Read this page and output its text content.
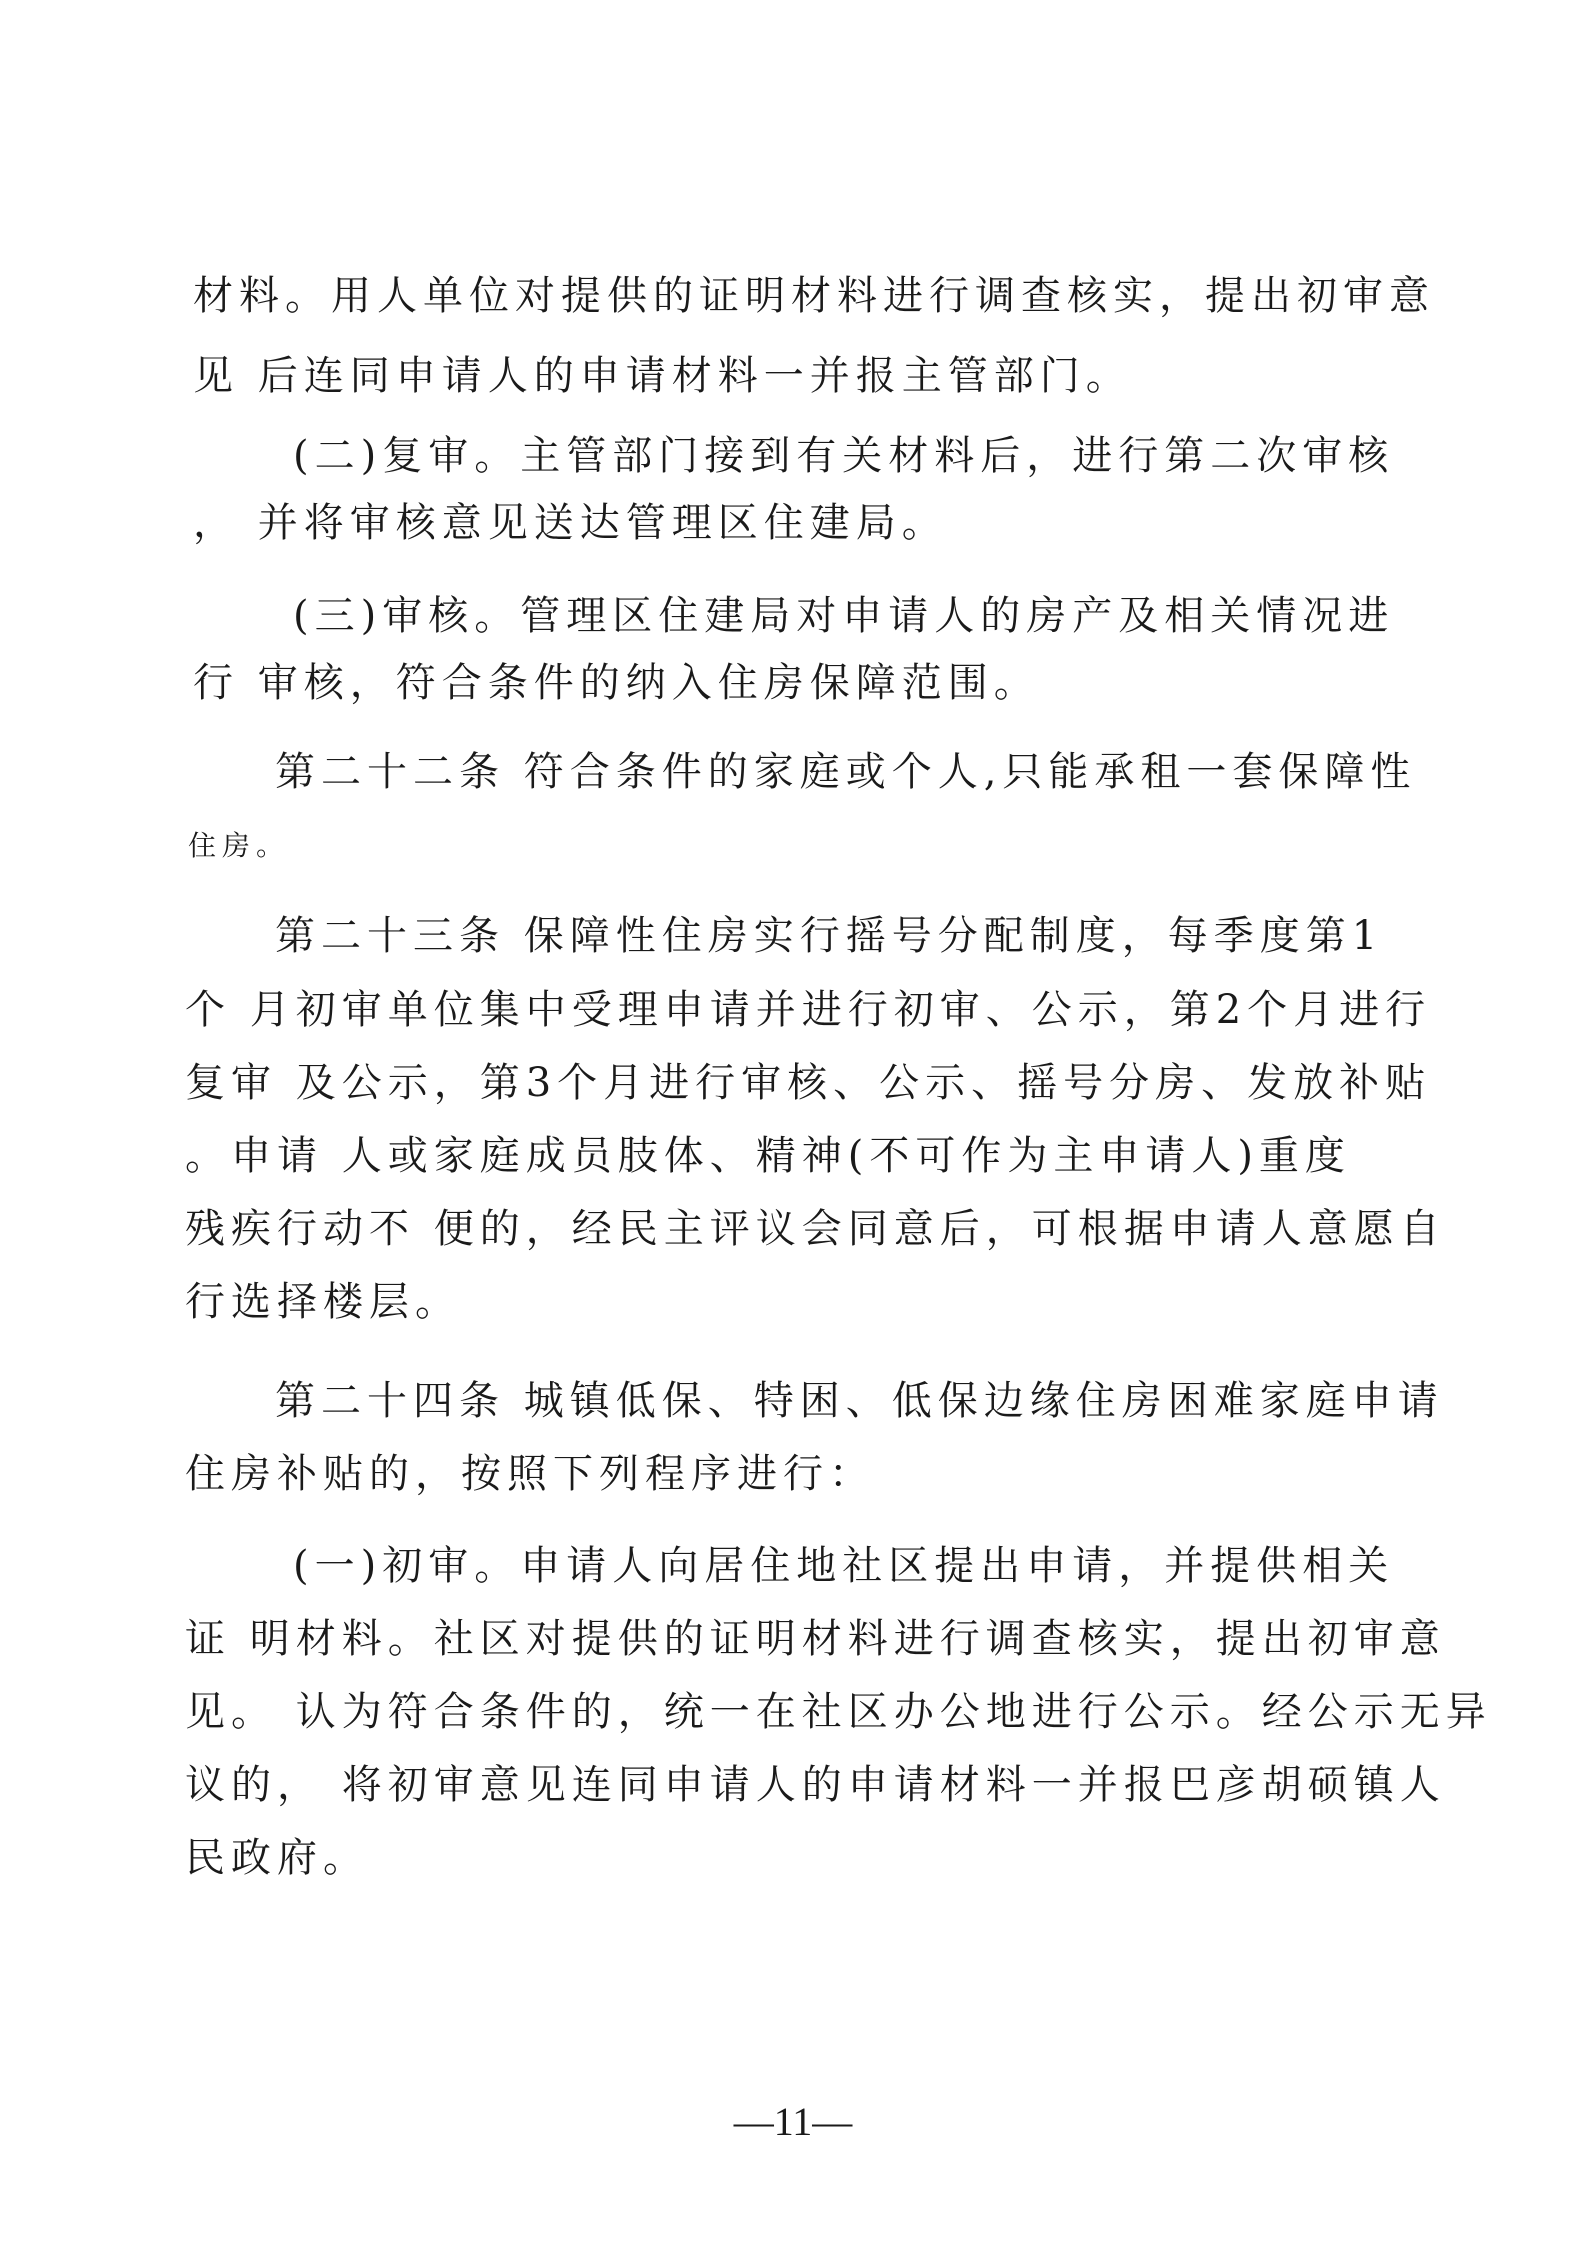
材料。用人单位对提供的证明材料进行调查核实，提出初审意
见 后连同申请人的申请材料一并报主管部门。
(二)复审。主管部门接到有关材料后，进行第二次审核
， 并将审核意见送达管理区住建局。
(三)审核。管理区住建局对申请人的房产及相关情况进
行 审核，符合条件的纳入住房保障范围。
第二十二条 符合条件的家庭或个人,只能承租一套保障性
住房。
第二十三条 保障性住房实行摇号分配制度，每季度第1
个 月初审单位集中受理申请并进行初审、公示，第2个月进行
复审 及公示，第3个月进行审核、公示、摇号分房、发放补贴
。申请 人或家庭成员肢体、精神(不可作为主申请人)重度
残疾行动不 便的，经民主评议会同意后，可根据申请人意愿自
行选择楼层。
第二十四条 城镇低保、特困、低保边缘住房困难家庭申请
住房补贴的，按照下列程序进行：
(一)初审。申请人向居住地社区提出申请，并提供相关
证 明材料。社区对提供的证明材料进行调查核实，提出初审意
见。 认为符合条件的，统一在社区办公地进行公示。经公示无异
议的， 将初审意见连同申请人的申请材料一并报巴彦胡硕镇人
民政府。
—11—
